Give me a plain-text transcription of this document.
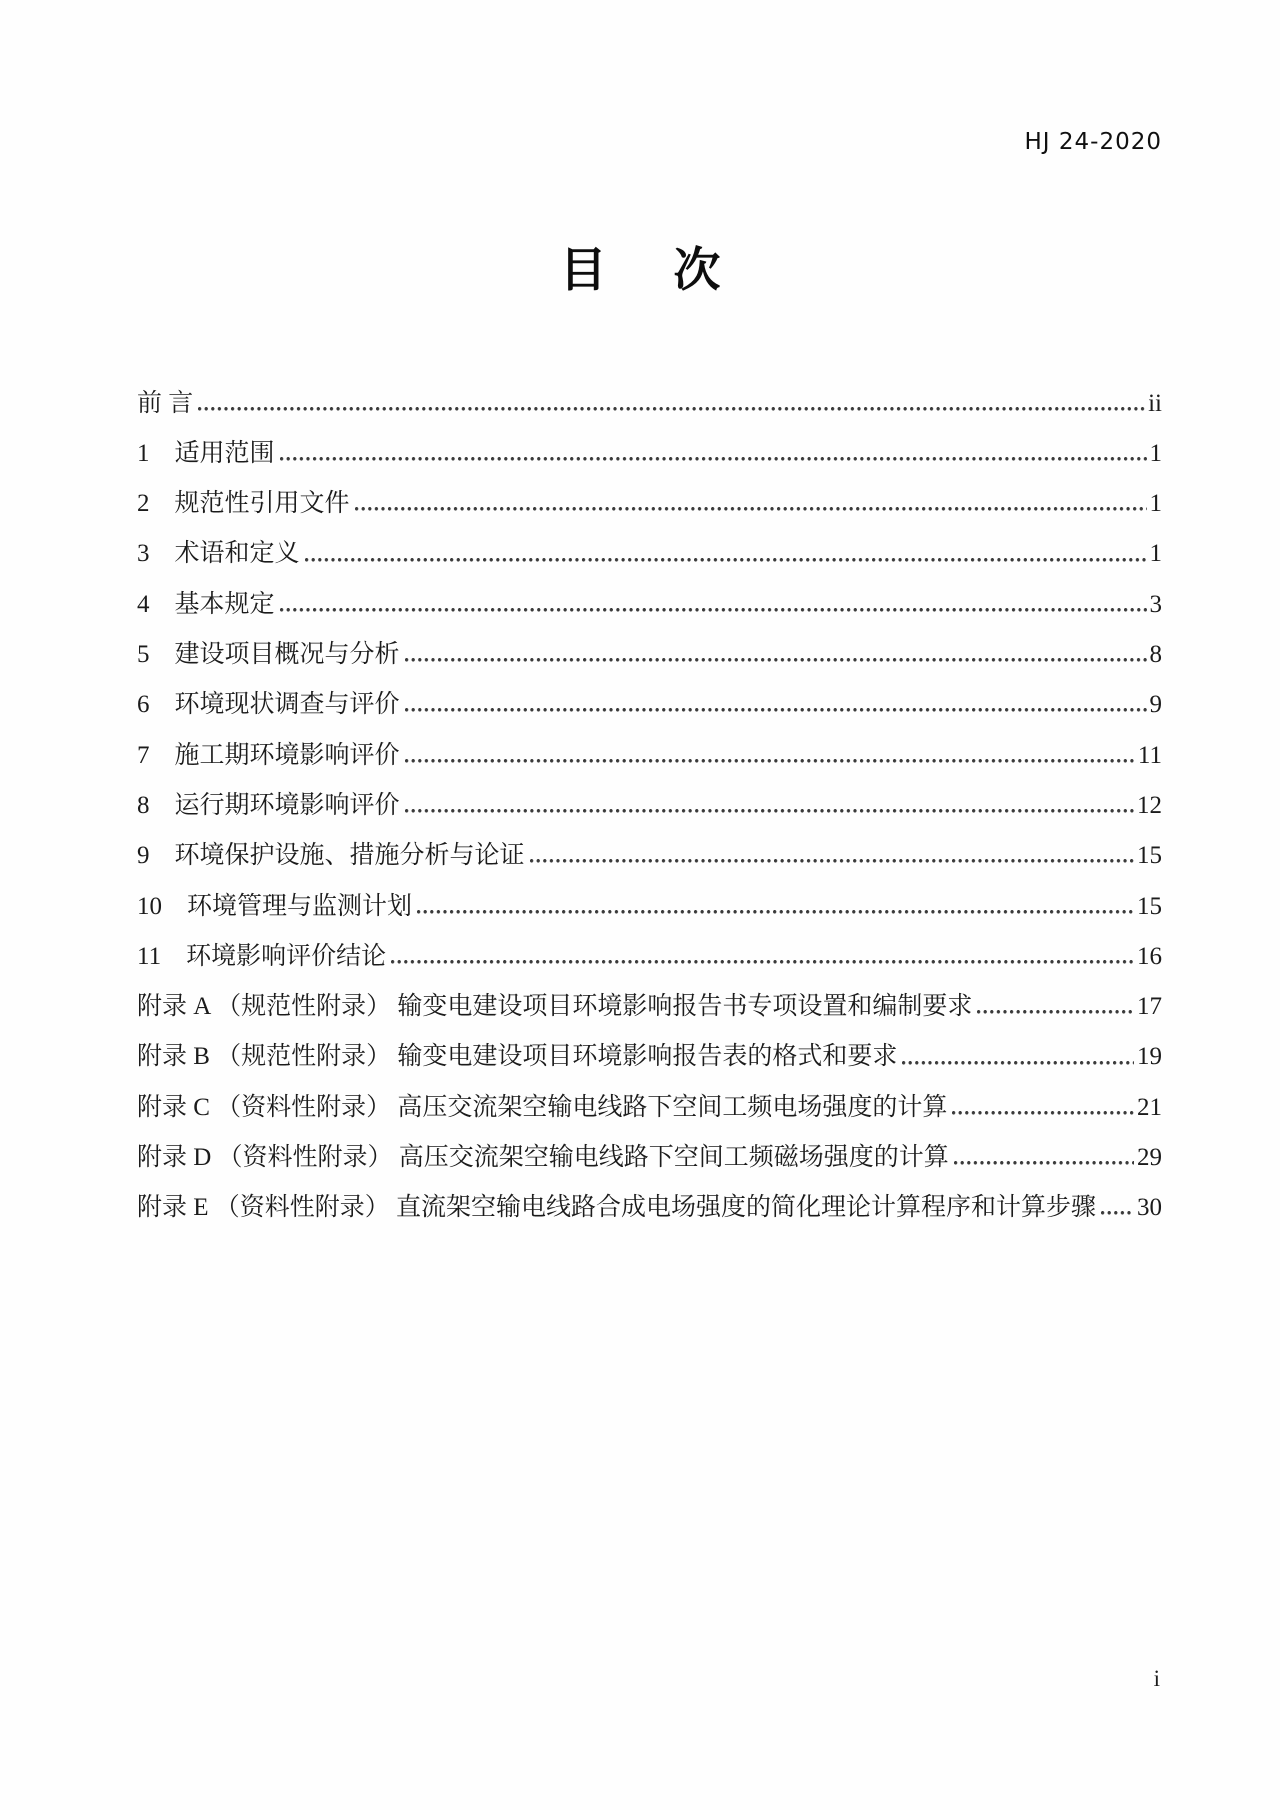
HJ 24-2020
目 次
前 言	ii
1　适用范围	1
2　规范性引用文件	1
3　术语和定义	1
4　基本规定	3
5　建设项目概况与分析	8
6　环境现状调查与评价	9
7　施工期环境影响评价	11
8　运行期环境影响评价	12
9　环境保护设施、措施分析与论证	15
10　环境管理与监测计划	15
11　环境影响评价结论	16
附录 A （规范性附录） 输变电建设项目环境影响报告书专项设置和编制要求	17
附录 B （规范性附录） 输变电建设项目环境影响报告表的格式和要求	19
附录 C （资料性附录） 高压交流架空输电线路下空间工频电场强度的计算	21
附录 D （资料性附录） 高压交流架空输电线路下空间工频磁场强度的计算	29
附录 E （资料性附录） 直流架空输电线路合成电场强度的简化理论计算程序和计算步骤 30
i
